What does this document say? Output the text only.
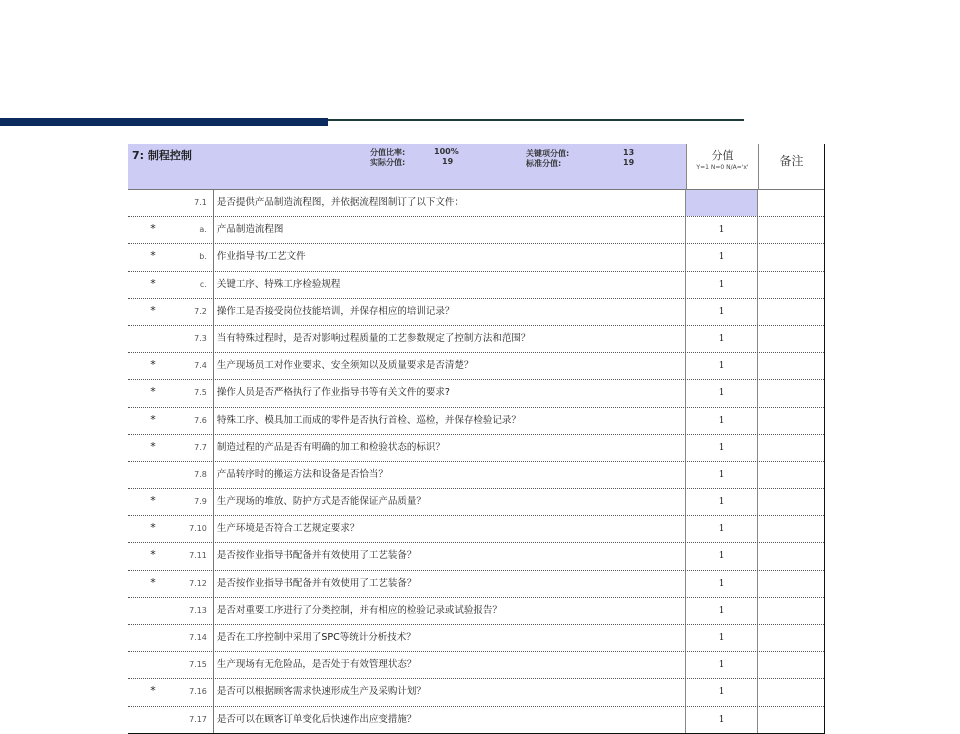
7: 制程控制	分值比率:	100%
实际分值:	19
关键项分值:	13
标准分值:	19
分值
Y=1 N=0 N/A='x'	备注
7.1	是否提供产品制造流程图，并依据流程图制订了以下文件：
*	a.	产品制造流程图	1
*	b.	作业指导书/工艺文件	1
*	c.	关键工序、特殊工序检验规程	1
*	7.2	操作工是否接受岗位技能培训，并保存相应的培训记录？	1
7.3	当有特殊过程时，是否对影响过程质量的工艺参数规定了控制方法和范围？	1
*	7.4	生产现场员工对作业要求、安全须知以及质量要求是否清楚？	1
*	7.5	操作人员是否严格执行了作业指导书等有关文件的要求?	1
*	7.6	特殊工序、模具加工而成的零件是否执行首检、巡检，并保存检验记录？	1
*	7.7	制造过程的产品是否有明确的加工和检验状态的标识？	1
7.8	产品转序时的搬运方法和设备是否恰当？	1
*	7.9	生产现场的堆放、防护方式是否能保证产品质量？	1
*	7.10	生产环境是否符合工艺规定要求？	1
*	7.11	是否按作业指导书配备并有效使用了工艺装备？	1
*	7.12	是否按作业指导书配备并有效使用了工艺装备？	1
7.13	是否对重要工序进行了分类控制，并有相应的检验记录或试验报告？	1
7.14	是否在工序控制中采用了SPC等统计分析技术？	1
7.15	生产现场有无危险品，是否处于有效管理状态？	1
*	7.16	是否可以根据顾客需求快速形成生产及采购计划？	1
7.17	是否可以在顾客订单变化后快速作出应变措施？	1
